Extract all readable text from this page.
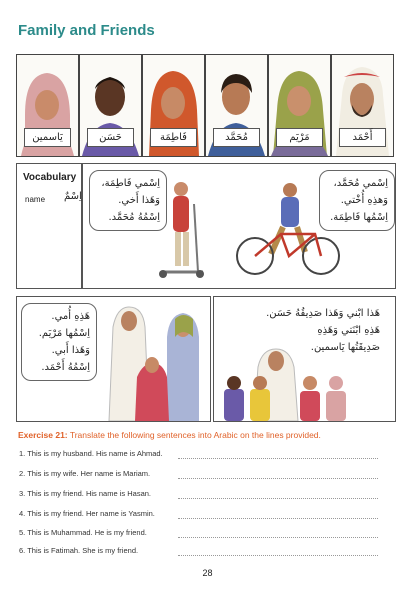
Family and Friends
يَاسمين	حَسَن	فَاطِمَة	مُحَمَّد	مَرْيَم	أَحْمَد
Vocabulary
name اِسْمٌ
اِسْمي فَاطِمَة،
وَهَذا أَخي.
اِسْمُهُ مُحَمَّد.
اِسْمي مُحَمَّد،
وَهذِهِ أُخْتي.
اِسْمُها فَاطِمَة.
هَذِهِ أُمي.
اِسْمُها مَرْيَم.
وَهَذا أَبي.
اِسْمُهُ أَحْمَد.
هَذا ابْني وَهَذا صَدِيقُهُ حَسَن.
هَذِهِ ابْنَتي وَهَذِهِ
صَدِيقَتُها يَاسمين.
Exercise 21: Translate the following sentences into Arabic on the lines provided.
1. This is my husband. His name is Ahmad.
2. This is my wife. Her name is Mariam.
3. This is my friend. His name is Hasan.
4. This is my friend. Her name is Yasmin.
5. This is Muhammad. He is my friend.
6. This is Fatimah. She is my friend.
28
